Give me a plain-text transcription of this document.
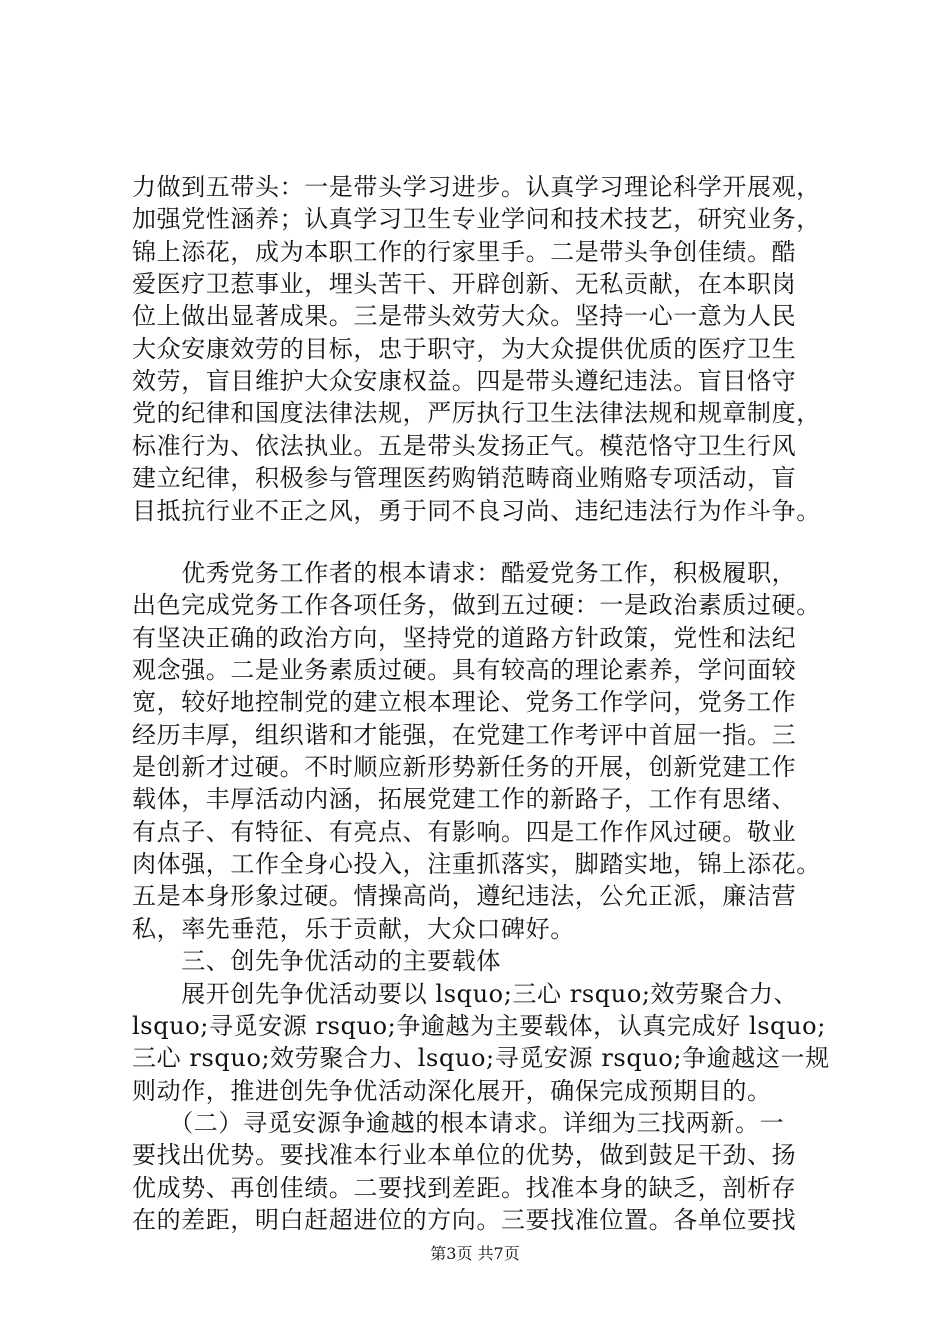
力做到五带头：一是带头学习进步。认真学习理论科学开展观，
加强党性涵养；认真学习卫生专业学问和技术技艺，研究业务，
锦上添花，成为本职工作的行家里手。二是带头争创佳绩。酷
爱医疗卫惹事业，埋头苦干、开辟创新、无私贡献，在本职岗
位上做出显著成果。三是带头效劳大众。坚持一心一意为人民
大众安康效劳的目标，忠于职守，为大众提供优质的医疗卫生
效劳，盲目维护大众安康权益。四是带头遵纪违法。盲目恪守
党的纪律和国度法律法规，严厉执行卫生法律法规和规章制度，
标准行为、依法执业。五是带头发扬正气。模范恪守卫生行风
建立纪律，积极参与管理医药购销范畴商业贿赂专项活动，盲
目抵抗行业不正之风，勇于同不良习尚、违纪违法行为作斗争。
　　优秀党务工作者的根本请求：酷爱党务工作，积极履职，
出色完成党务工作各项任务，做到五过硬：一是政治素质过硬。
有坚决正确的政治方向，坚持党的道路方针政策，党性和法纪
观念强。二是业务素质过硬。具有较高的理论素养，学问面较
宽，较好地控制党的建立根本理论、党务工作学问，党务工作
经历丰厚，组织谐和才能强，在党建工作考评中首屈一指。三
是创新才过硬。不时顺应新形势新任务的开展，创新党建工作
载体，丰厚活动内涵，拓展党建工作的新路子，工作有思绪、
有点子、有特征、有亮点、有影响。四是工作作风过硬。敬业
肉体强，工作全身心投入，注重抓落实，脚踏实地，锦上添花。
五是本身形象过硬。情操高尚，遵纪违法，公允正派，廉洁营
私，率先垂范，乐于贡献，大众口碑好。
　　三、创先争优活动的主要载体
　　展开创先争优活动要以 lsquo;三心 rsquo;效劳聚合力、
lsquo;寻觅安源 rsquo;争逾越为主要载体，认真完成好 lsquo;
三心 rsquo;效劳聚合力、lsquo;寻觅安源 rsquo;争逾越这一规
则动作，推进创先争优活动深化展开，确保完成预期目的。
　　（二）寻觅安源争逾越的根本请求。详细为三找两新。一
要找出优势。要找准本行业本单位的优势，做到鼓足干劲、扬
优成势、再创佳绩。二要找到差距。找准本身的缺乏，剖析存
在的差距，明白赶超进位的方向。三要找准位置。各单位要找
第3页 共7页
